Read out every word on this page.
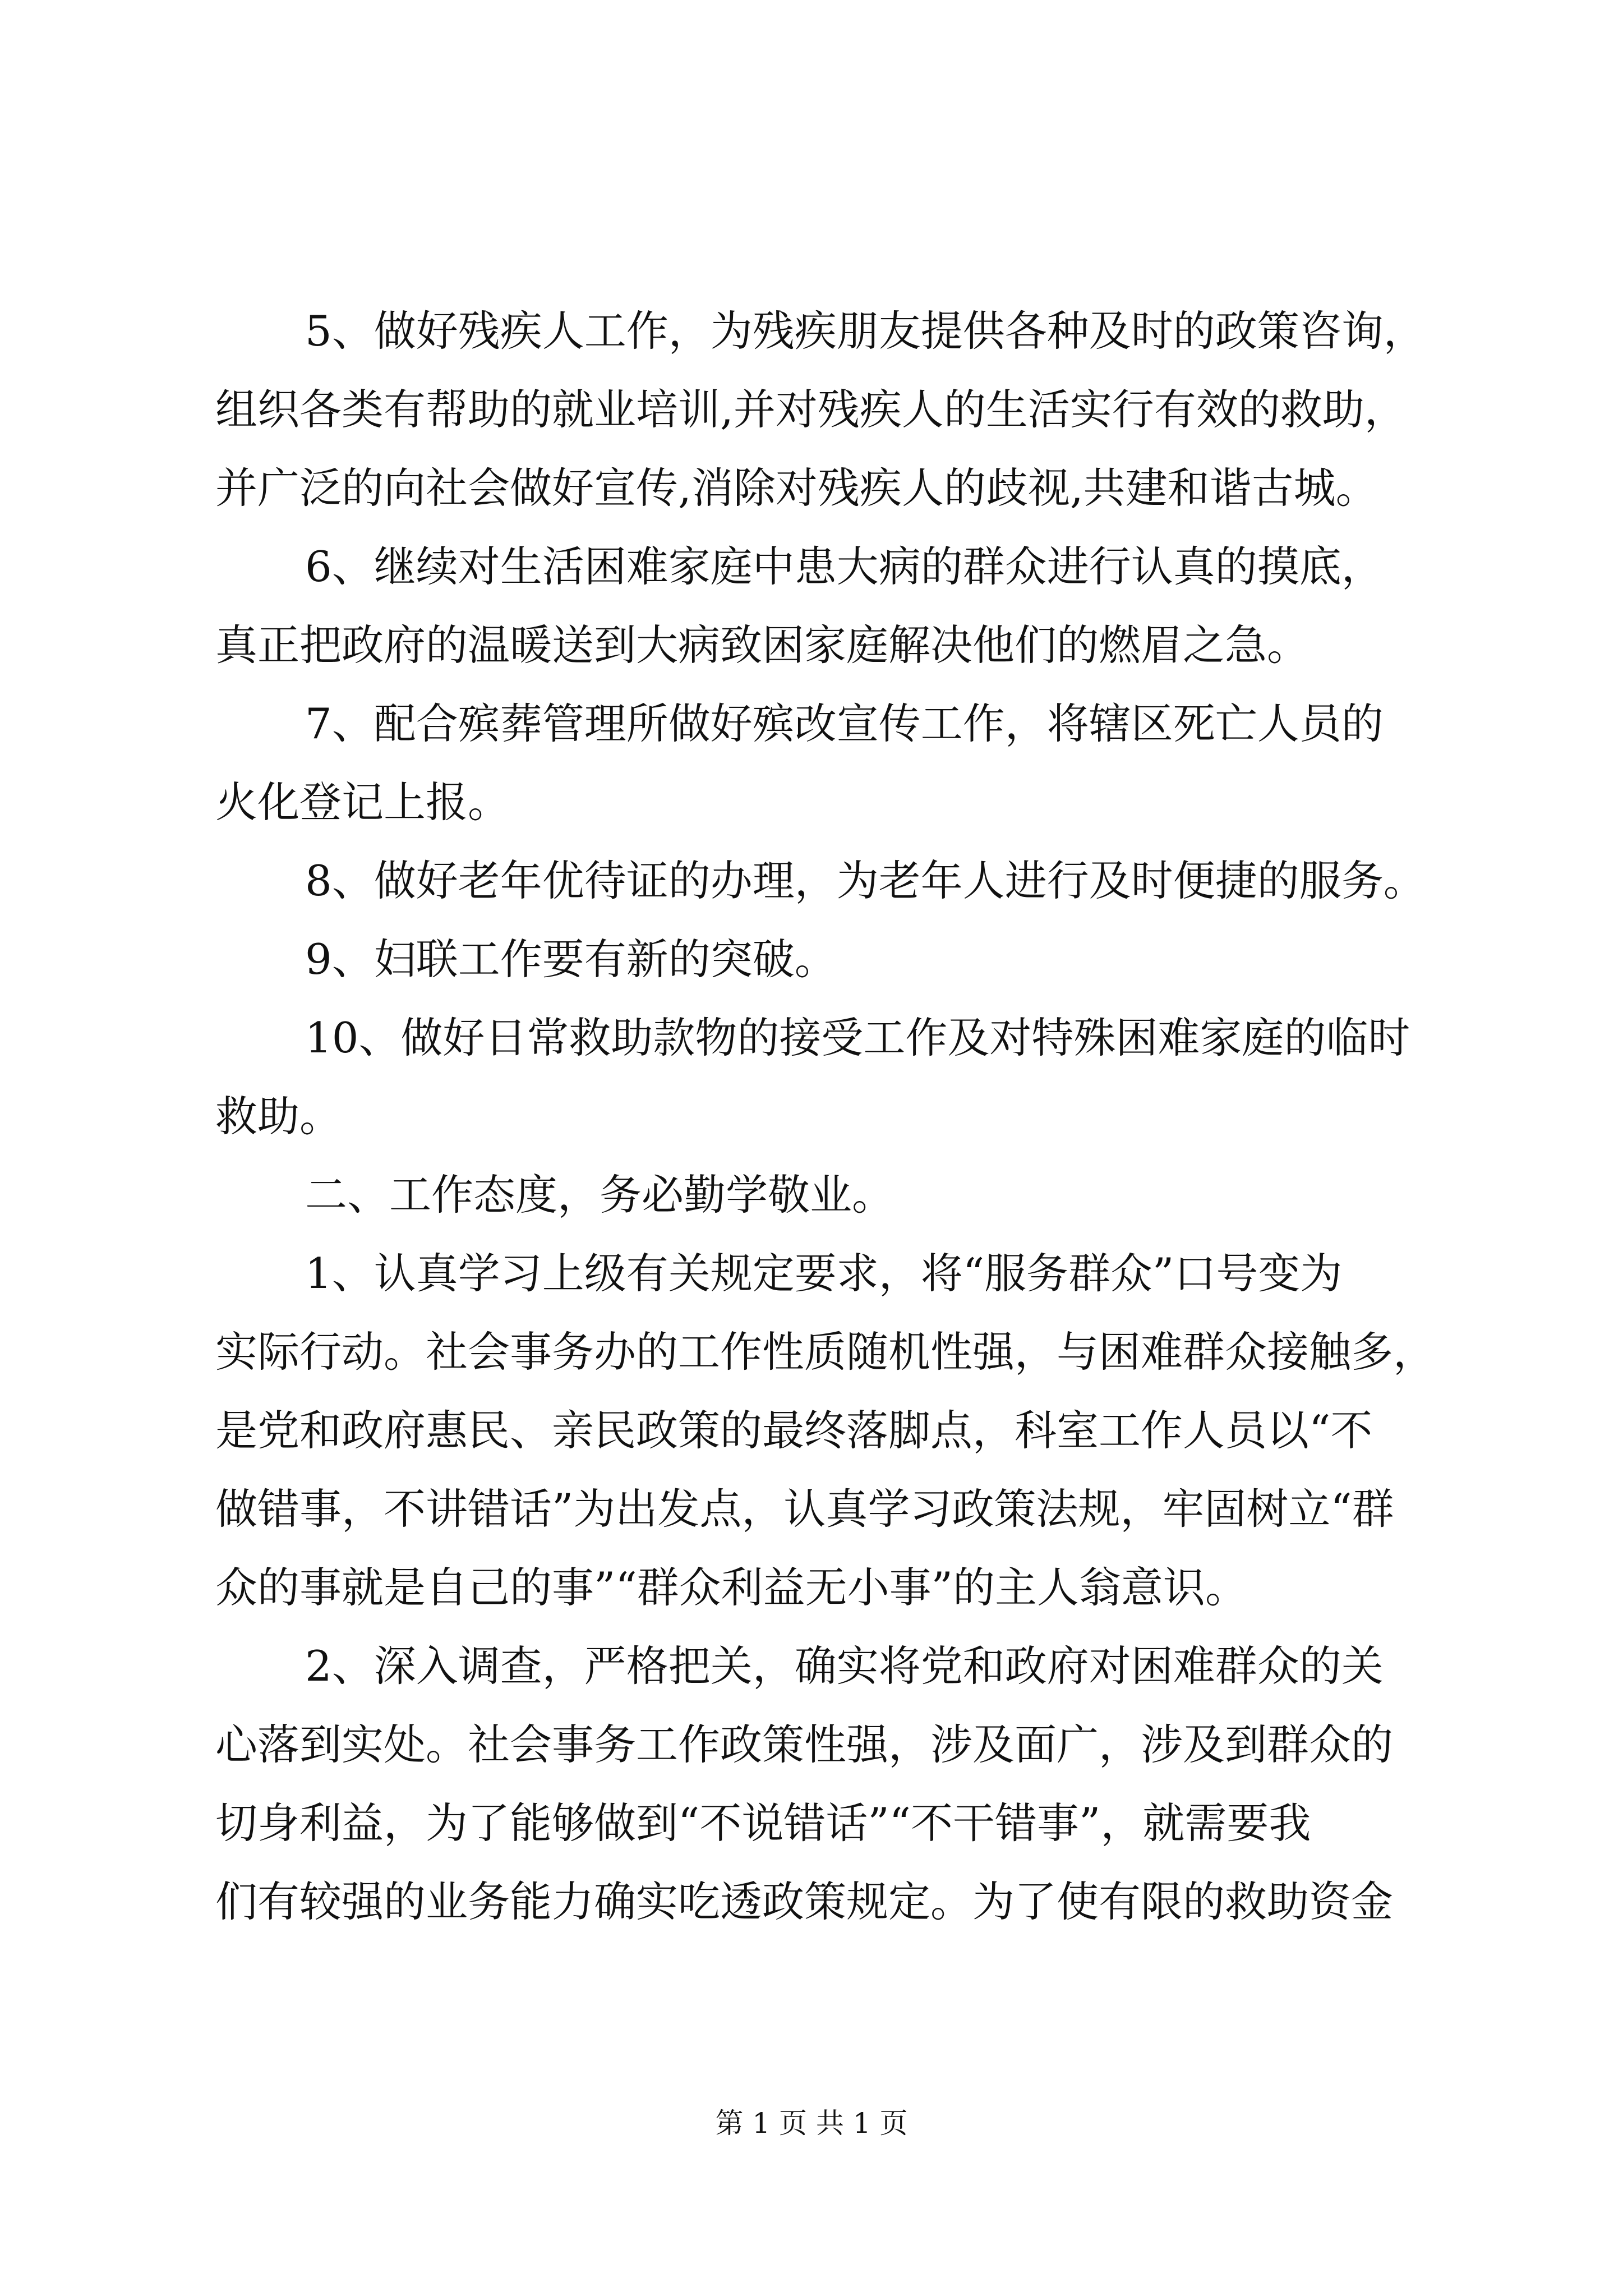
5、做好残疾人工作，为残疾朋友提供各种及时的政策咨询，
组织各类有帮助的就业培训,并对残疾人的生活实行有效的救助，
并广泛的向社会做好宣传,消除对残疾人的歧视,共建和谐古城。
6、继续对生活困难家庭中患大病的群众进行认真的摸底，
真正把政府的温暖送到大病致困家庭解决他们的燃眉之急。
7、配合殡葬管理所做好殡改宣传工作，将辖区死亡人员的
火化登记上报。
8、做好老年优待证的办理，为老年人进行及时便捷的服务。
9、妇联工作要有新的突破。
10、做好日常救助款物的接受工作及对特殊困难家庭的临时
救助。
二、工作态度，务必勤学敬业。
1、认真学习上级有关规定要求，将“服务群众”口号变为
实际行动。社会事务办的工作性质随机性强，与困难群众接触多，
是党和政府惠民、亲民政策的最终落脚点，科室工作人员以“不
做错事，不讲错话”为出发点，认真学习政策法规，牢固树立“群
众的事就是自己的事”“群众利益无小事”的主人翁意识。
2、深入调查，严格把关，确实将党和政府对困难群众的关
心落到实处。社会事务工作政策性强，涉及面广，涉及到群众的
切身利益，为了能够做到“不说错话”“不干错事”，就需要我
们有较强的业务能力确实吃透政策规定。为了使有限的救助资金
第 1 页 共 1 页
